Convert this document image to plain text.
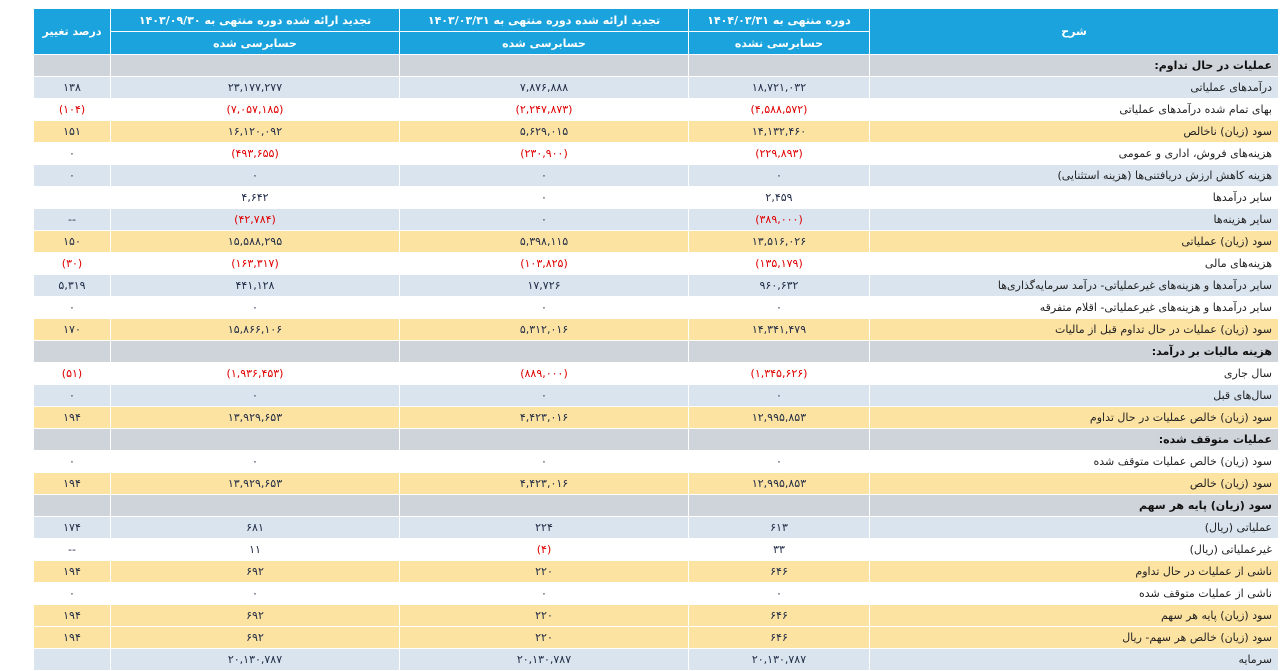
شرح	دوره منتهی به ۱۴۰۴/۰۳/۳۱	تجدید ارائه شده دوره منتهی به ۱۴۰۳/۰۳/۳۱	تجدید ارائه شده دوره منتهی به ۱۴۰۳/۰۹/۳۰	درصد تغییر
	حسابرسی نشده	حسابرسی شده	حسابرسی شده	
عملیات در حال تداوم:				
درآمدهای عملیاتی	۱۸,۷۲۱,۰۳۲	۷,۸۷۶,۸۸۸	۲۳,۱۷۷,۲۷۷	۱۳۸
بهای تمام شده درآمدهای عملیاتی	(۴,۵۸۸,۵۷۲)	(۲,۲۴۷,۸۷۳)	(۷,۰۵۷,۱۸۵)	(۱۰۴)
سود (زیان) ناخالص	۱۴,۱۳۲,۴۶۰	۵,۶۲۹,۰۱۵	۱۶,۱۲۰,۰۹۲	۱۵۱
هزینه‌های فروش، اداری و عمومی	(۲۲۹,۸۹۳)	(۲۳۰,۹۰۰)	(۴۹۳,۶۵۵)	۰
هزینه کاهش ارزش دریافتنی‌ها (هزینه استثنایی)	۰	۰	۰	۰
سایر درآمدها	۲,۴۵۹	۰	۴,۶۴۲	
سایر هزینه‌ها	(۳۸۹,۰۰۰)	۰	(۴۲,۷۸۴)	--
سود (زیان) عملیاتی	۱۳,۵۱۶,۰۲۶	۵,۳۹۸,۱۱۵	۱۵,۵۸۸,۲۹۵	۱۵۰
هزینه‌های مالی	(۱۳۵,۱۷۹)	(۱۰۳,۸۲۵)	(۱۶۳,۳۱۷)	(۳۰)
سایر درآمدها و هزینه‌های غیرعملیاتی- درآمد سرمایه‌گذاری‌ها	۹۶۰,۶۳۲	۱۷,۷۲۶	۴۴۱,۱۲۸	۵,۳۱۹
سایر درآمدها و هزینه‌های غیرعملیاتی- اقلام متفرقه	۰	۰	۰	۰
سود (زیان) عملیات در حال تداوم قبل از مالیات	۱۴,۳۴۱,۴۷۹	۵,۳۱۲,۰۱۶	۱۵,۸۶۶,۱۰۶	۱۷۰
هزینه مالیات بر درآمد:				
سال جاری	(۱,۳۴۵,۶۲۶)	(۸۸۹,۰۰۰)	(۱,۹۳۶,۴۵۳)	(۵۱)
سال‌های قبل	۰	۰	۰	۰
سود (زیان) خالص عملیات در حال تداوم	۱۲,۹۹۵,۸۵۳	۴,۴۲۳,۰۱۶	۱۳,۹۲۹,۶۵۳	۱۹۴
عملیات متوقف شده:				
سود (زیان) خالص عملیات متوقف شده	۰	۰	۰	۰
سود (زیان) خالص	۱۲,۹۹۵,۸۵۳	۴,۴۲۳,۰۱۶	۱۳,۹۲۹,۶۵۳	۱۹۴
سود (زیان) پایه هر سهم				
عملیاتی (ریال)	۶۱۳	۲۲۴	۶۸۱	۱۷۴
غیرعملیاتی (ریال)	۳۳	(۴)	۱۱	--
ناشی از عملیات در حال تداوم	۶۴۶	۲۲۰	۶۹۲	۱۹۴
ناشی از عملیات متوقف شده	۰	۰	۰	۰
سود (زیان) پایه هر سهم	۶۴۶	۲۲۰	۶۹۲	۱۹۴
سود (زیان) خالص هر سهم- ریال	۶۴۶	۲۲۰	۶۹۲	۱۹۴
سرمایه	۲۰,۱۳۰,۷۸۷	۲۰,۱۳۰,۷۸۷	۲۰,۱۳۰,۷۸۷	
